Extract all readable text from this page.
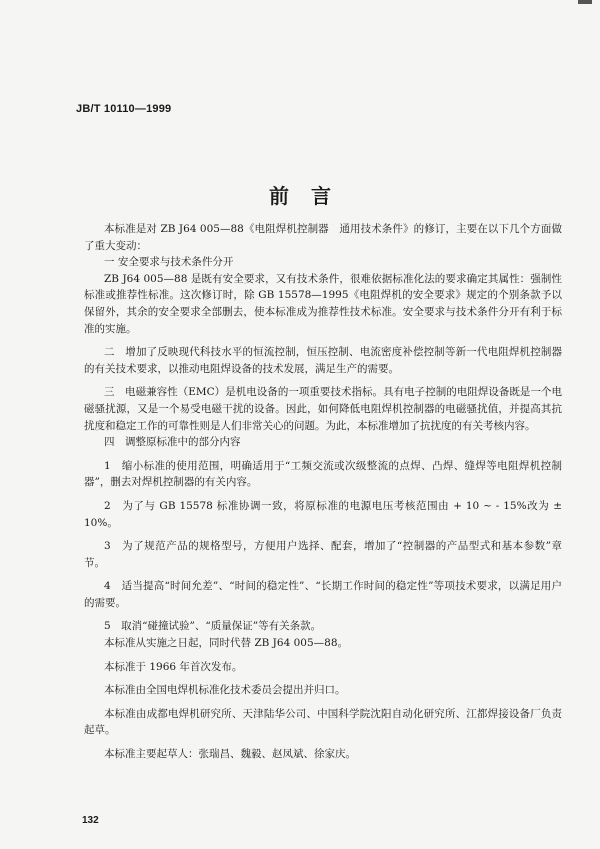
JB/T 10110—1999
前言

本标准是对 ZB J64 005—88《电阻焊机控制器　通用技术条件》的修订，主要在以下几个方面做了重大变动：

一 安全要求与技术条件分开

ZB J64 005—88 是既有安全要求，又有技术条件，很难依据标准化法的要求确定其属性：强制性标准或推荐性标准。这次修订时，除 GB 15578—1995《电阻焊机的安全要求》规定的个别条款予以保留外，其余的安全要求全部删去，使本标准成为推荐性技术标准。安全要求与技术条件分开有利于标准的实施。

二　增加了反映现代科技水平的恒流控制，恒压控制、电流密度补偿控制等新一代电阻焊机控制器的有关技术要求，以推动电阻焊设备的技术发展，满足生产的需要。

三　电磁兼容性（EMC）是机电设备的一项重要技术指标。具有电子控制的电阻焊设备既是一个电磁骚扰源，又是一个易受电磁干扰的设备。因此，如何降低电阻焊机控制器的电磁骚扰值，并提高其抗扰度和稳定工作的可靠性则是人们非常关心的问题。为此，本标准增加了抗扰度的有关考核内容。

四　调整原标准中的部分内容

1　缩小标准的使用范围，明确适用于“工频交流或次级整流的点焊、凸焊、缝焊等电阻焊机控制器”，删去对焊机控制器的有关内容。

2　为了与 GB 15578 标准协调一致，将原标准的电源电压考核范围由 + 10 ~ - 15%改为 ± 10%。

3　为了规范产品的规格型号，方便用户选择、配套，增加了“控制器的产品型式和基本参数”章节。

4　适当提高“时间允差”、“时间的稳定性”、“长期工作时间的稳定性”等项技术要求，以满足用户的需要。

5　取消“碰撞试验”、“质量保证”等有关条款。

本标准从实施之日起，同时代替 ZB J64 005—88。

本标准于 1966 年首次发布。

本标准由全国电焊机标准化技术委员会提出并归口。

本标准由成都电焊机研究所、天津陆华公司、中国科学院沈阳自动化研究所、江都焊接设备厂负责起草。

本标准主要起草人：张瑞昌、魏毅、赵凤斌、徐家庆。

132
